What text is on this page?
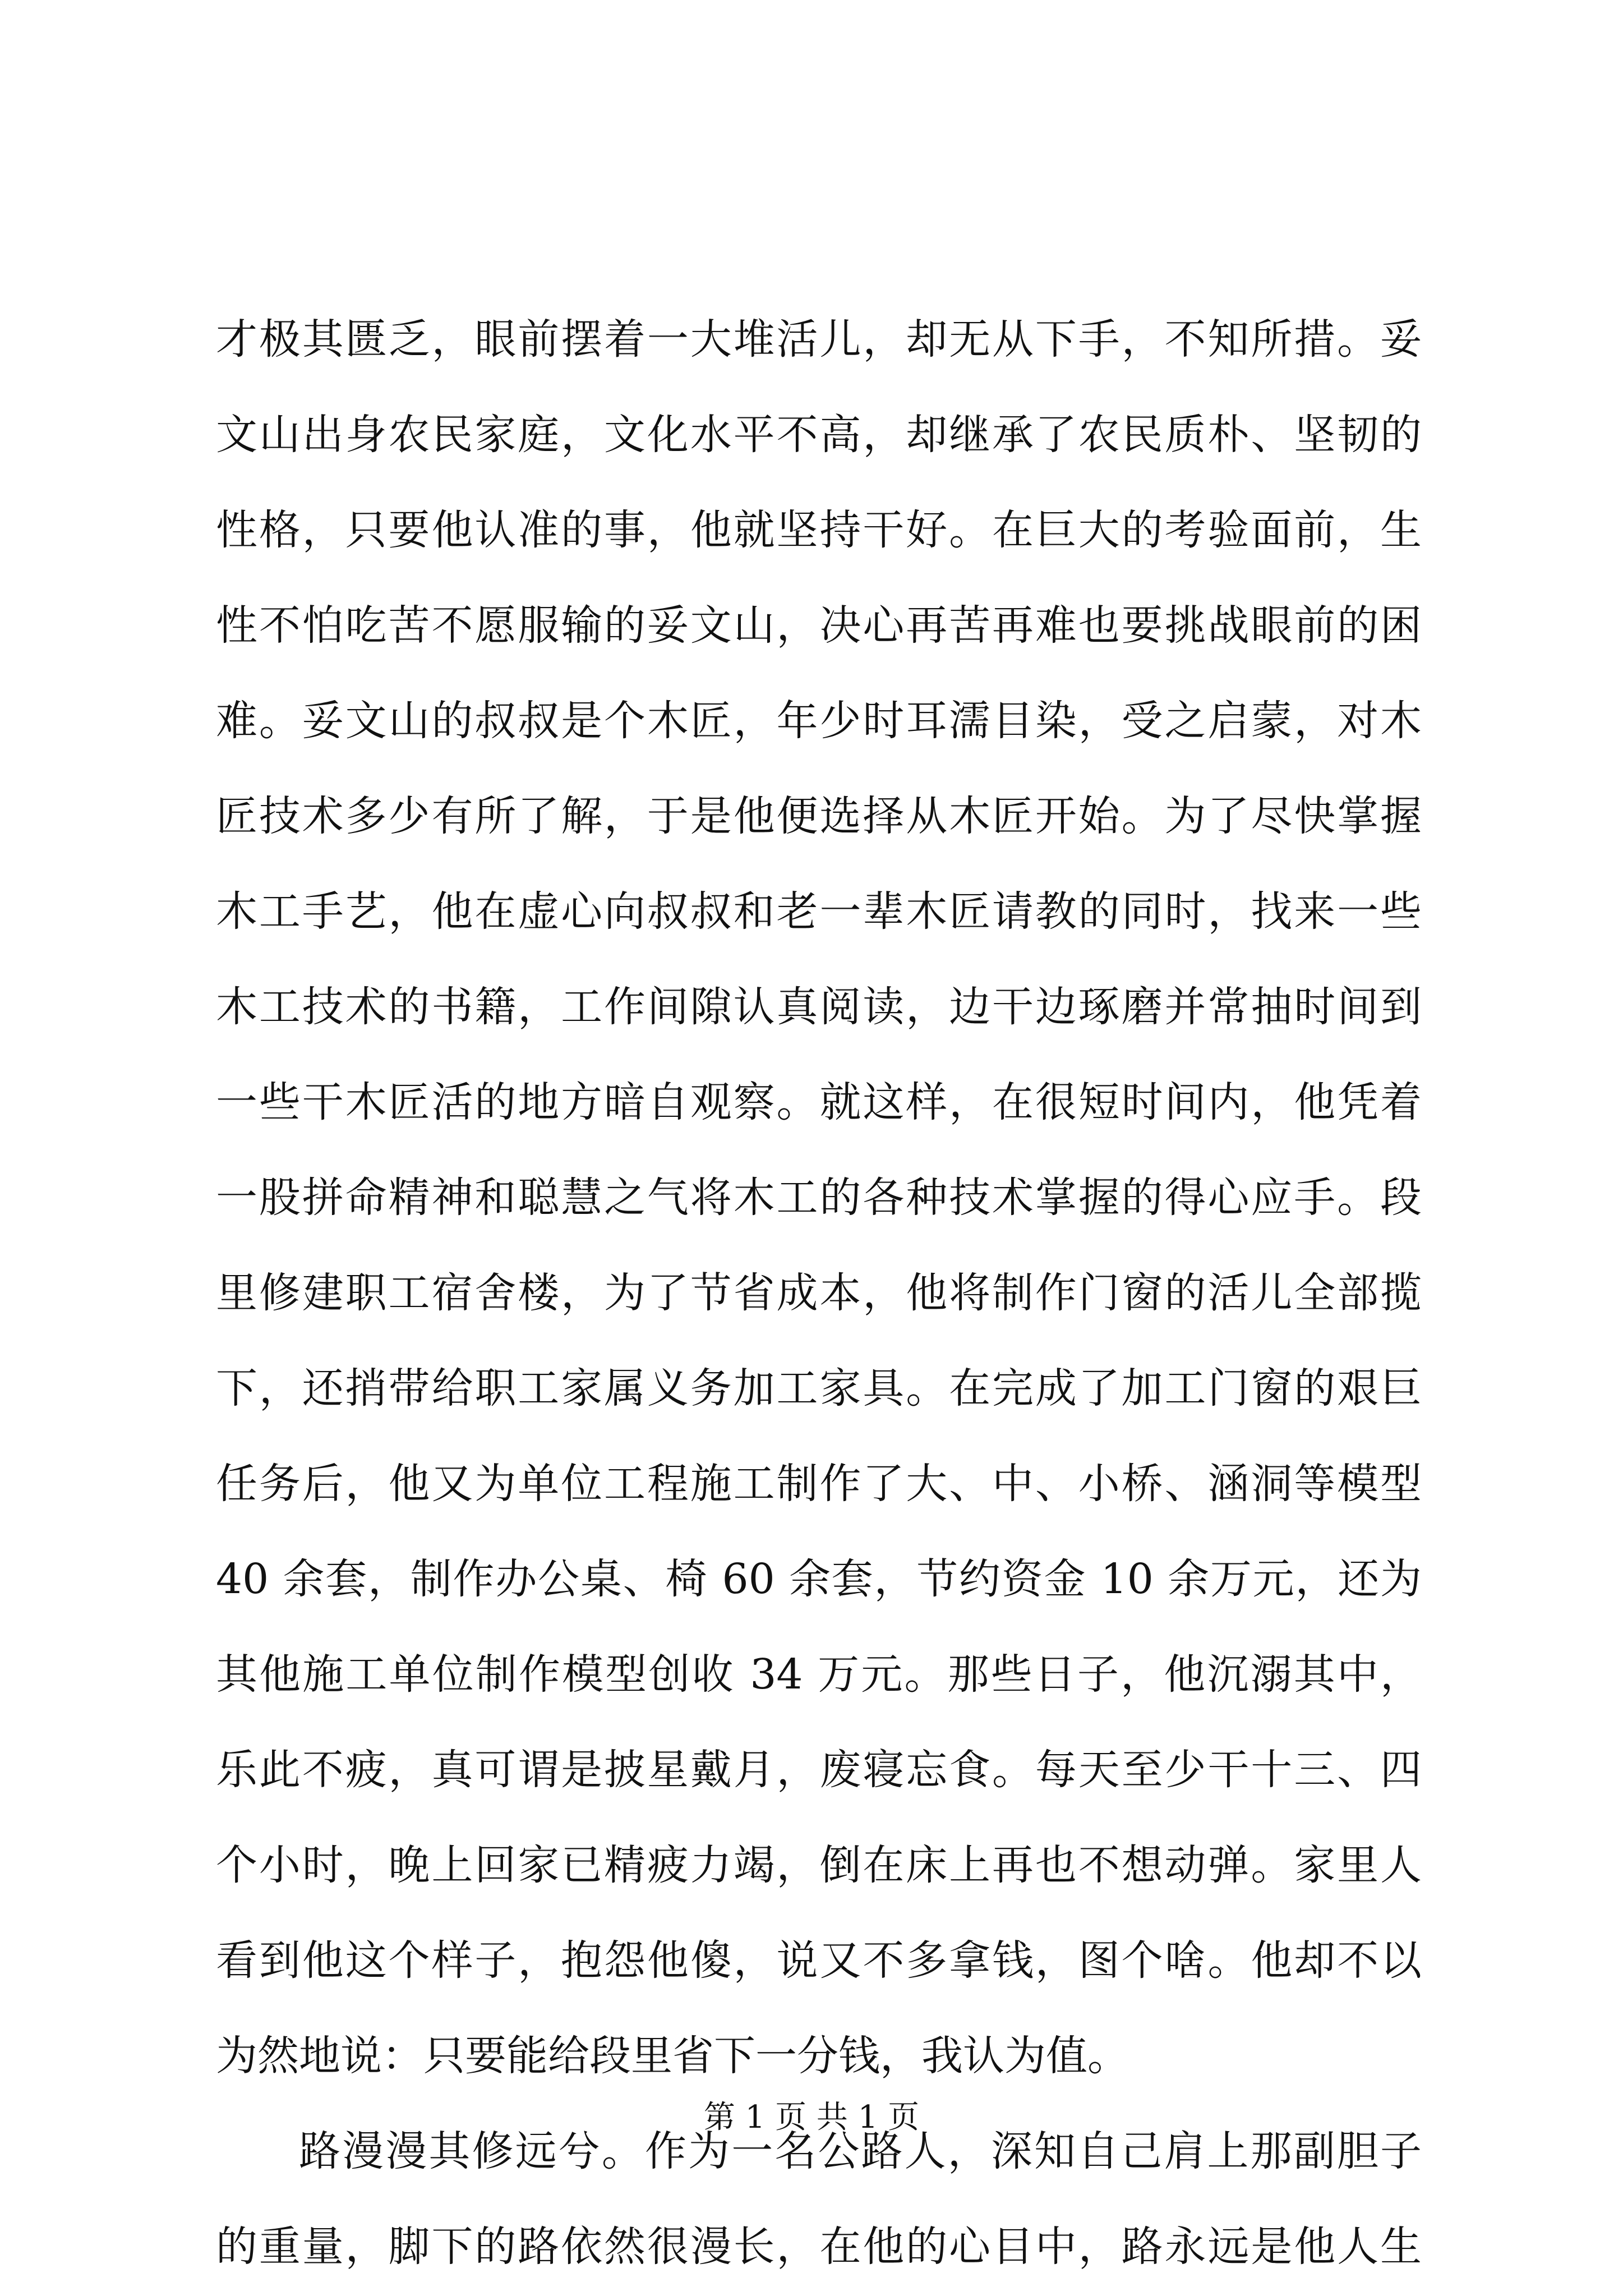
才极其匮乏，眼前摆着一大堆活儿，却无从下手，不知所措。妥
文山出身农民家庭，文化水平不高，却继承了农民质朴、坚韧的
性格，只要他认准的事，他就坚持干好。在巨大的考验面前，生
性不怕吃苦不愿服输的妥文山，决心再苦再难也要挑战眼前的困
难。妥文山的叔叔是个木匠，年少时耳濡目染，受之启蒙，对木
匠技术多少有所了解，于是他便选择从木匠开始。为了尽快掌握
木工手艺，他在虚心向叔叔和老一辈木匠请教的同时，找来一些
木工技术的书籍，工作间隙认真阅读，边干边琢磨并常抽时间到
一些干木匠活的地方暗自观察。就这样，在很短时间内，他凭着
一股拼命精神和聪慧之气将木工的各种技术掌握的得心应手。段
里修建职工宿舍楼，为了节省成本，他将制作门窗的活儿全部揽
下，还捎带给职工家属义务加工家具。在完成了加工门窗的艰巨
任务后，他又为单位工程施工制作了大、中、小桥、涵洞等模型
40 余套，制作办公桌、椅 60 余套，节约资金 10 余万元，还为
其他施工单位制作模型创收 34 万元。那些日子，他沉溺其中，
乐此不疲，真可谓是披星戴月，废寝忘食。每天至少干十三、四
个小时，晚上回家已精疲力竭，倒在床上再也不想动弹。家里人
看到他这个样子，抱怨他傻，说又不多拿钱，图个啥。他却不以
为然地说：只要能给段里省下一分钱，我认为值。
路漫漫其修远兮。作为一名公路人，深知自己肩上那副胆子
的重量，脚下的路依然很漫长，在他的心目中，路永远是他人生
第 1 页 共 1 页
